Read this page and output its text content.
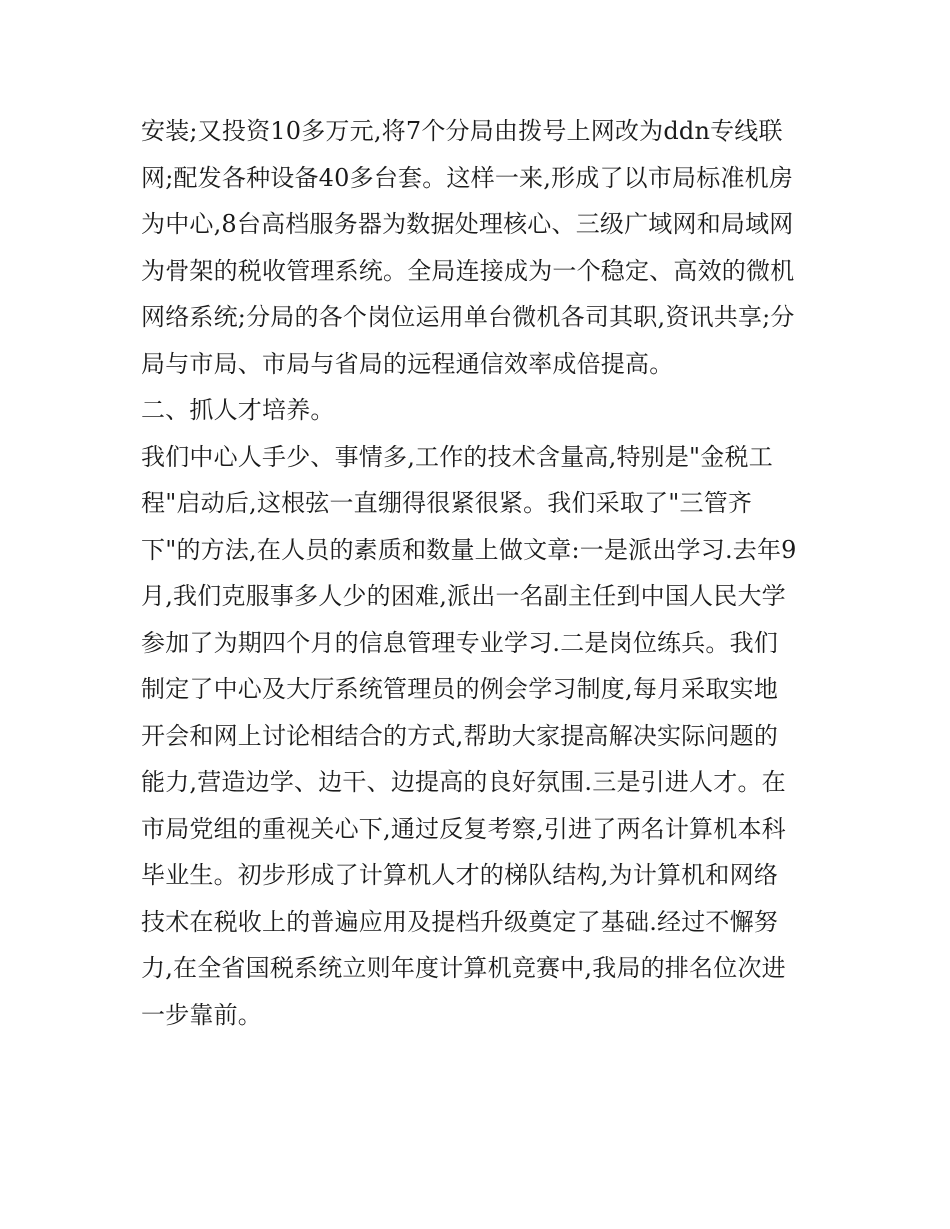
安装;又投资10多万元,将7个分局由拨号上网改为ddn专线联
网;配发各种设备40多台套。这样一来,形成了以市局标准机房
为中心,8台高档服务器为数据处理核心、三级广域网和局域网
为骨架的税收管理系统。全局连接成为一个稳定、高效的微机
网络系统;分局的各个岗位运用单台微机各司其职,资讯共享;分
局与市局、市局与省局的远程通信效率成倍提高。
二、抓人才培养。
我们中心人手少、事情多,工作的技术含量高,特别是"金税工
程"启动后,这根弦一直绷得很紧很紧。我们采取了"三管齐
下"的方法,在人员的素质和数量上做文章:一是派出学习.去年9
月,我们克服事多人少的困难,派出一名副主任到中国人民大学
参加了为期四个月的信息管理专业学习.二是岗位练兵。我们
制定了中心及大厅系统管理员的例会学习制度,每月采取实地
开会和网上讨论相结合的方式,帮助大家提高解决实际问题的
能力,营造边学、边干、边提高的良好氛围.三是引进人才。在
市局党组的重视关心下,通过反复考察,引进了两名计算机本科
毕业生。初步形成了计算机人才的梯队结构,为计算机和网络
技术在税收上的普遍应用及提档升级奠定了基础.经过不懈努
力,在全省国税系统立则年度计算机竞赛中,我局的排名位次进
一步靠前。
